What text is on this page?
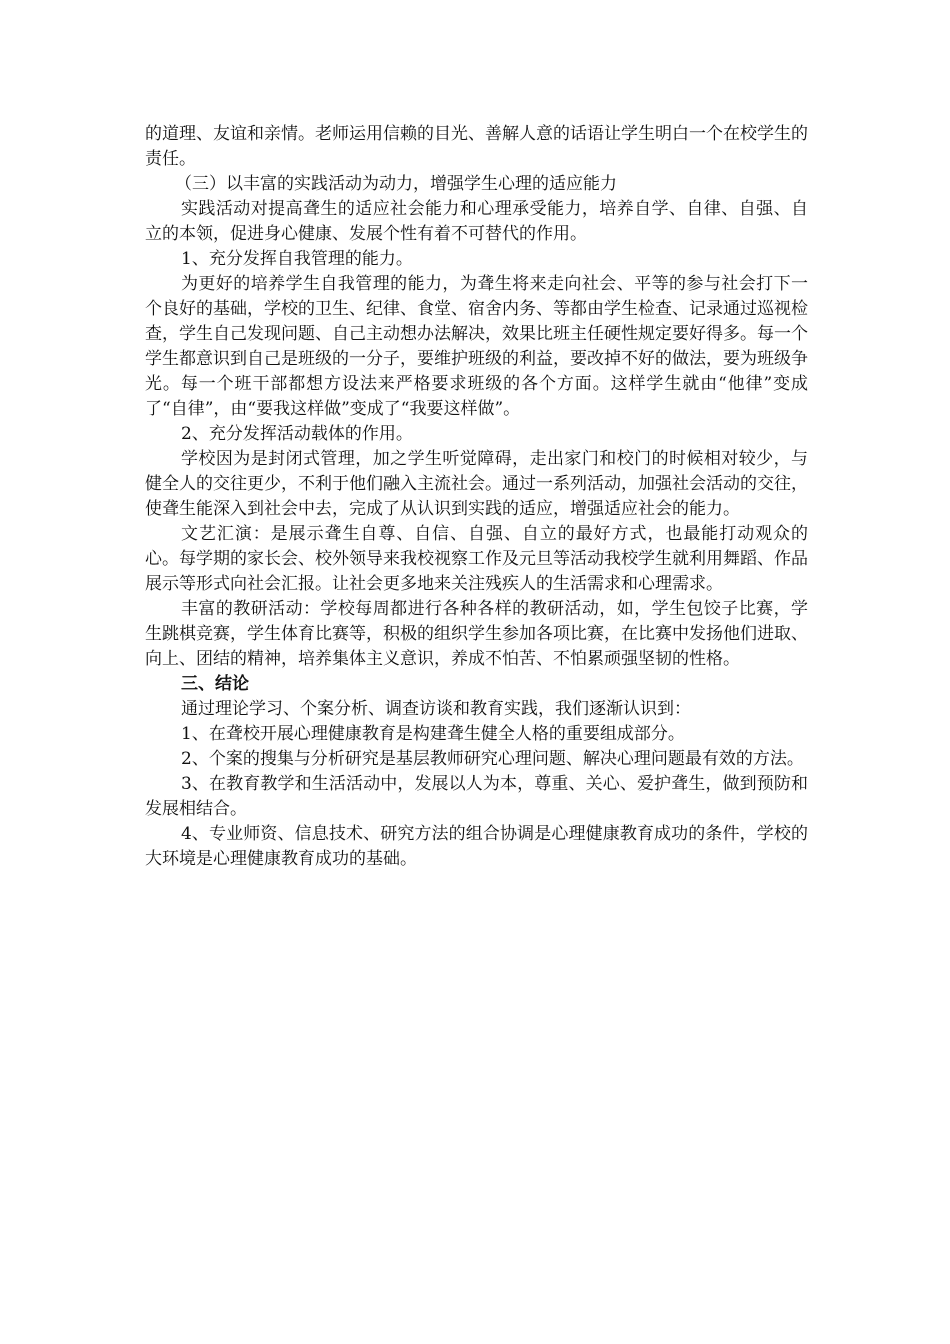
的道理、友谊和亲情。老师运用信赖的目光、善解人意的话语让学生明白一个在校学生的责任。

（三）以丰富的实践活动为动力，增强学生心理的适应能力

实践活动对提高聋生的适应社会能力和心理承受能力，培养自学、自律、自强、自立的本领，促进身心健康、发展个性有着不可替代的作用。

1、充分发挥自我管理的能力。

为更好的培养学生自我管理的能力，为聋生将来走向社会、平等的参与社会打下一个良好的基础，学校的卫生、纪律、食堂、宿舍内务、等都由学生检查、记录通过巡视检查，学生自己发现问题、自己主动想办法解决，效果比班主任硬性规定要好得多。每一个学生都意识到自己是班级的一分子，要维护班级的利益，要改掉不好的做法，要为班级争光。每一个班干部都想方设法来严格要求班级的各个方面。这样学生就由“他律”变成了“自律”，由“要我这样做”变成了“我要这样做”。

2、充分发挥活动载体的作用。

学校因为是封闭式管理，加之学生听觉障碍，走出家门和校门的时候相对较少，与健全人的交往更少，不利于他们融入主流社会。通过一系列活动，加强社会活动的交往，使聋生能深入到社会中去，完成了从认识到实践的适应，增强适应社会的能力。

文艺汇演：是展示聋生自尊、自信、自强、自立的最好方式，也最能打动观众的心。每学期的家长会、校外领导来我校视察工作及元旦等活动我校学生就利用舞蹈、作品展示等形式向社会汇报。让社会更多地来关注残疾人的生活需求和心理需求。

丰富的教研活动：学校每周都进行各种各样的教研活动，如，学生包饺子比赛，学生跳棋竞赛，学生体育比赛等，积极的组织学生参加各项比赛，在比赛中发扬他们进取、向上、团结的精神，培养集体主义意识，养成不怕苦、不怕累顽强坚韧的性格。

三、结论

通过理论学习、个案分析、调查访谈和教育实践，我们逐渐认识到：

1、在聋校开展心理健康教育是构建聋生健全人格的重要组成部分。

2、个案的搜集与分析研究是基层教师研究心理问题、解决心理问题最有效的方法。

3、在教育教学和生活活动中，发展以人为本，尊重、关心、爱护聋生，做到预防和发展相结合。

4、专业师资、信息技术、研究方法的组合协调是心理健康教育成功的条件，学校的大环境是心理健康教育成功的基础。
